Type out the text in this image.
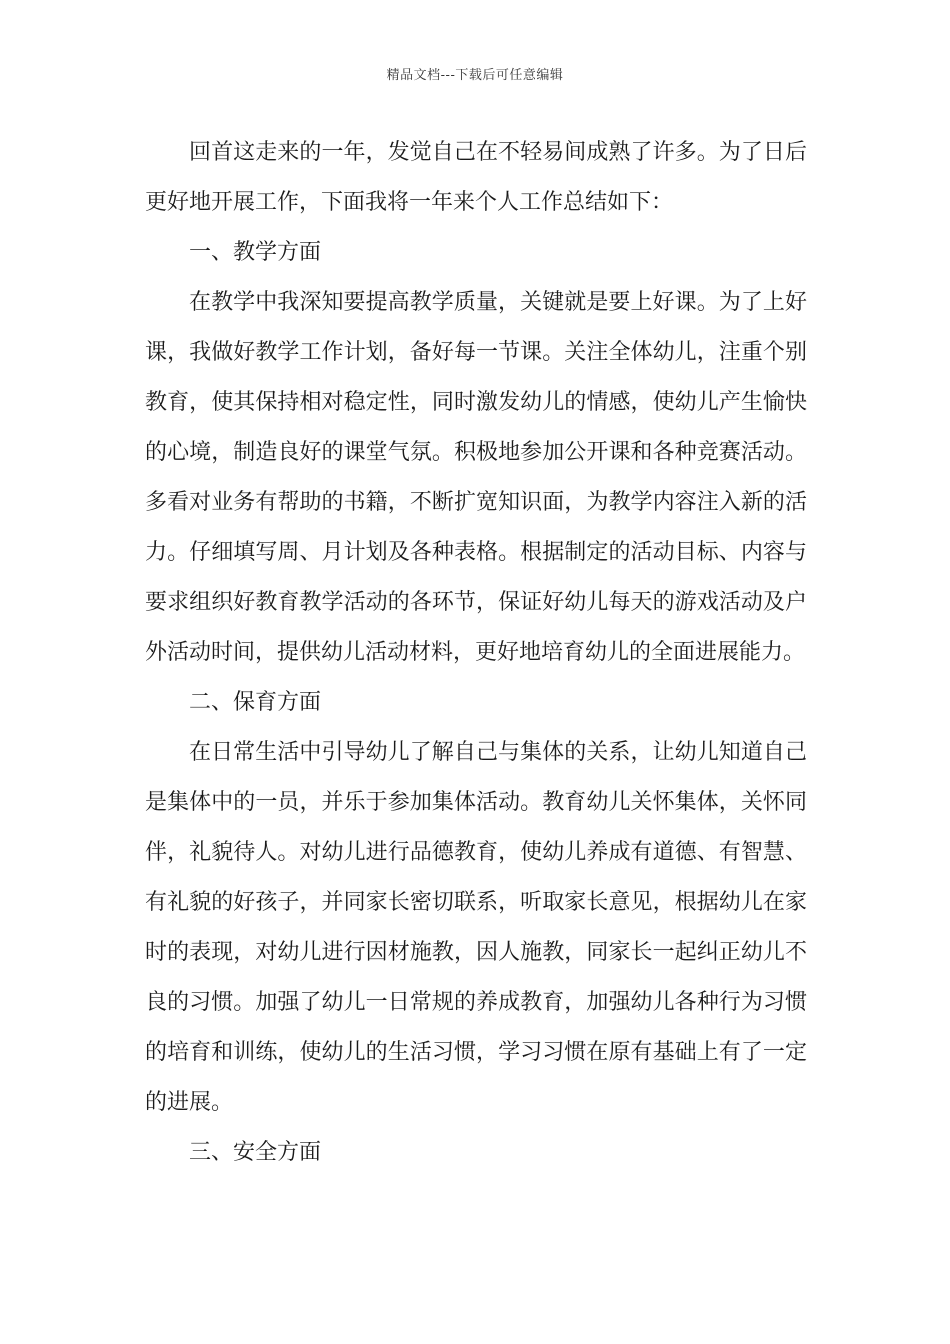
精品文档---下载后可任意编辑

回首这走来的一年，发觉自己在不轻易间成熟了许多。为了日后更好地开展工作，下面我将一年来个人工作总结如下：

一、教学方面

在教学中我深知要提高教学质量，关键就是要上好课。为了上好课，我做好教学工作计划，备好每一节课。关注全体幼儿，注重个别教育，使其保持相对稳定性，同时激发幼儿的情感，使幼儿产生愉快的心境，制造良好的课堂气氛。积极地参加公开课和各种竞赛活动。多看对业务有帮助的书籍，不断扩宽知识面，为教学内容注入新的活力。仔细填写周、月计划及各种表格。根据制定的活动目标、内容与要求组织好教育教学活动的各环节，保证好幼儿每天的游戏活动及户外活动时间，提供幼儿活动材料，更好地培育幼儿的全面进展能力。

二、保育方面

在日常生活中引导幼儿了解自己与集体的关系，让幼儿知道自己是集体中的一员，并乐于参加集体活动。教育幼儿关怀集体，关怀同伴，礼貌待人。对幼儿进行品德教育，使幼儿养成有道德、有智慧、有礼貌的好孩子，并同家长密切联系，听取家长意见，根据幼儿在家时的表现，对幼儿进行因材施教，因人施教，同家长一起纠正幼儿不良的习惯。加强了幼儿一日常规的养成教育，加强幼儿各种行为习惯的培育和训练，使幼儿的生活习惯，学习习惯在原有基础上有了一定的进展。

三、安全方面
